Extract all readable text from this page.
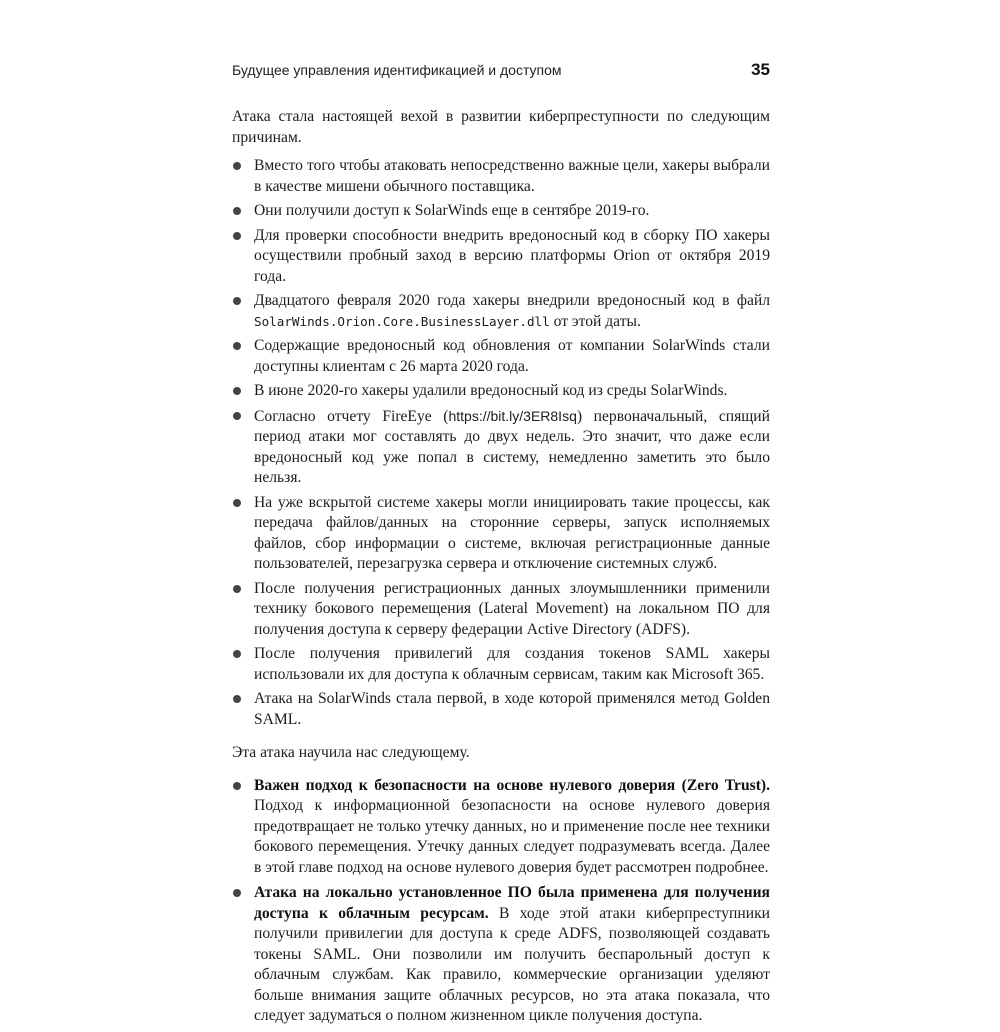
Будущее управления идентификацией и доступом	35

Атака стала настоящей вехой в развитии киберпреступности по следующим причинам.

Вместо того чтобы атаковать непосредственно важные цели, хакеры выбрали в качестве мишени обычного поставщика.
Они получили доступ к SolarWinds еще в сентябре 2019-го.
Для проверки способности внедрить вредоносный код в сборку ПО хакеры осуществили пробный заход в версию платформы Orion от октября 2019 года.
Двадцатого февраля 2020 года хакеры внедрили вредоносный код в файл SolarWinds.Orion.Core.BusinessLayer.dll от этой даты.
Содержащие вредоносный код обновления от компании SolarWinds стали доступны клиентам с 26 марта 2020 года.
В июне 2020-го хакеры удалили вредоносный код из среды SolarWinds.
Согласно отчету FireEye (https://bit.ly/3ER8Isq) первоначальный, спящий период атаки мог составлять до двух недель. Это значит, что даже если вредоносный код уже попал в систему, немедленно заметить это было нельзя.
На уже вскрытой системе хакеры могли инициировать такие процессы, как передача файлов/данных на сторонние серверы, запуск исполняемых файлов, сбор информации о системе, включая регистрационные данные пользователей, перезагрузка сервера и отключение системных служб.
После получения регистрационных данных злоумышленники применили технику бокового перемещения (Lateral Movement) на локальном ПО для получения доступа к серверу федерации Active Directory (ADFS).
После получения привилегий для создания токенов SAML хакеры использовали их для доступа к облачным сервисам, таким как Microsoft 365.
Атака на SolarWinds стала первой, в ходе которой применялся метод Golden SAML.

Эта атака научила нас следующему.

Важен подход к безопасности на основе нулевого доверия (Zero Trust). Подход к информационной безопасности на основе нулевого доверия предотвращает не только утечку данных, но и применение после нее техники бокового перемещения. Утечку данных следует подразумевать всегда. Далее в этой главе подход на основе нулевого доверия будет рассмотрен подробнее.
Атака на локально установленное ПО была применена для получения доступа к облачным ресурсам. В ходе этой атаки киберпреступники получили привилегии для доступа к среде ADFS, позволяющей создавать токены SAML. Они позволили им получить беспарольный доступ к облачным службам. Как правило, коммерческие организации уделяют больше внимания защите облачных ресурсов, но эта атака показала, что следует задуматься о полном жизненном цикле получения доступа.
